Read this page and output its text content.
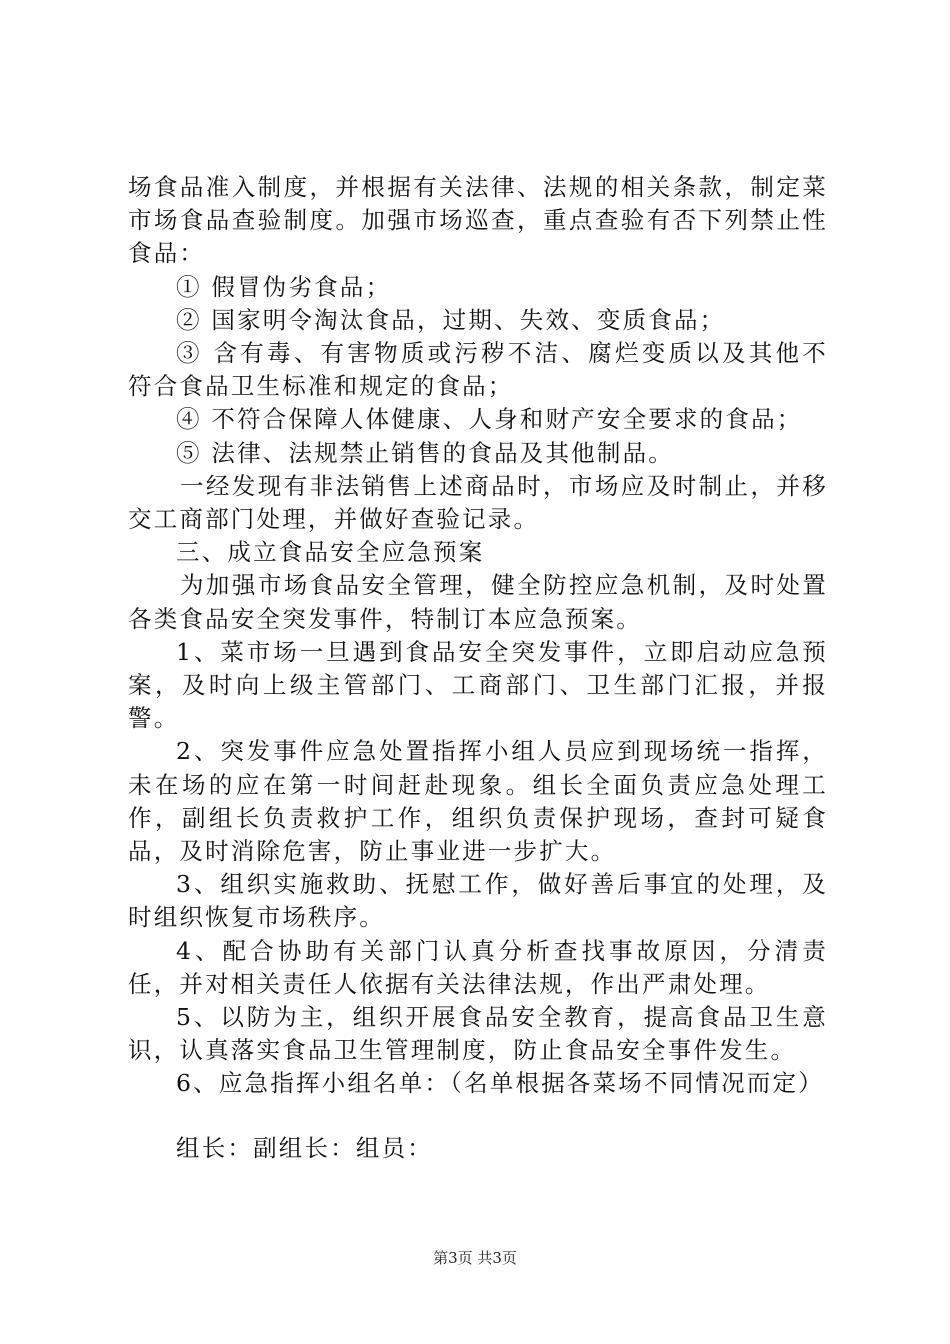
场食品准入制度，并根据有关法律、法规的相关条款，制定菜市场食品查验制度。加强市场巡查，重点查验有否下列禁止性食品：

① 假冒伪劣食品；

② 国家明令淘汰食品，过期、失效、变质食品；

③ 含有毒、有害物质或污秽不洁、腐烂变质以及其他不符合食品卫生标准和规定的食品；

④ 不符合保障人体健康、人身和财产安全要求的食品；

⑤ 法律、法规禁止销售的食品及其他制品。

一经发现有非法销售上述商品时，市场应及时制止，并移交工商部门处理，并做好查验记录。

三、成立食品安全应急预案

为加强市场食品安全管理，健全防控应急机制，及时处置各类食品安全突发事件，特制订本应急预案。

1、菜市场一旦遇到食品安全突发事件，立即启动应急预案，及时向上级主管部门、工商部门、卫生部门汇报，并报警。

2、突发事件应急处置指挥小组人员应到现场统一指挥，未在场的应在第一时间赶赴现象。组长全面负责应急处理工作，副组长负责救护工作，组织负责保护现场，查封可疑食品，及时消除危害，防止事业进一步扩大。

3、组织实施救助、抚慰工作，做好善后事宜的处理，及时组织恢复市场秩序。

4、配合协助有关部门认真分析查找事故原因，分清责任，并对相关责任人依据有关法律法规，作出严肃处理。

5、以防为主，组织开展食品安全教育，提高食品卫生意识，认真落实食品卫生管理制度，防止食品安全事件发生。

6、应急指挥小组名单：（名单根据各菜场不同情况而定）

组长：副组长：组员：

第3页 共3页
